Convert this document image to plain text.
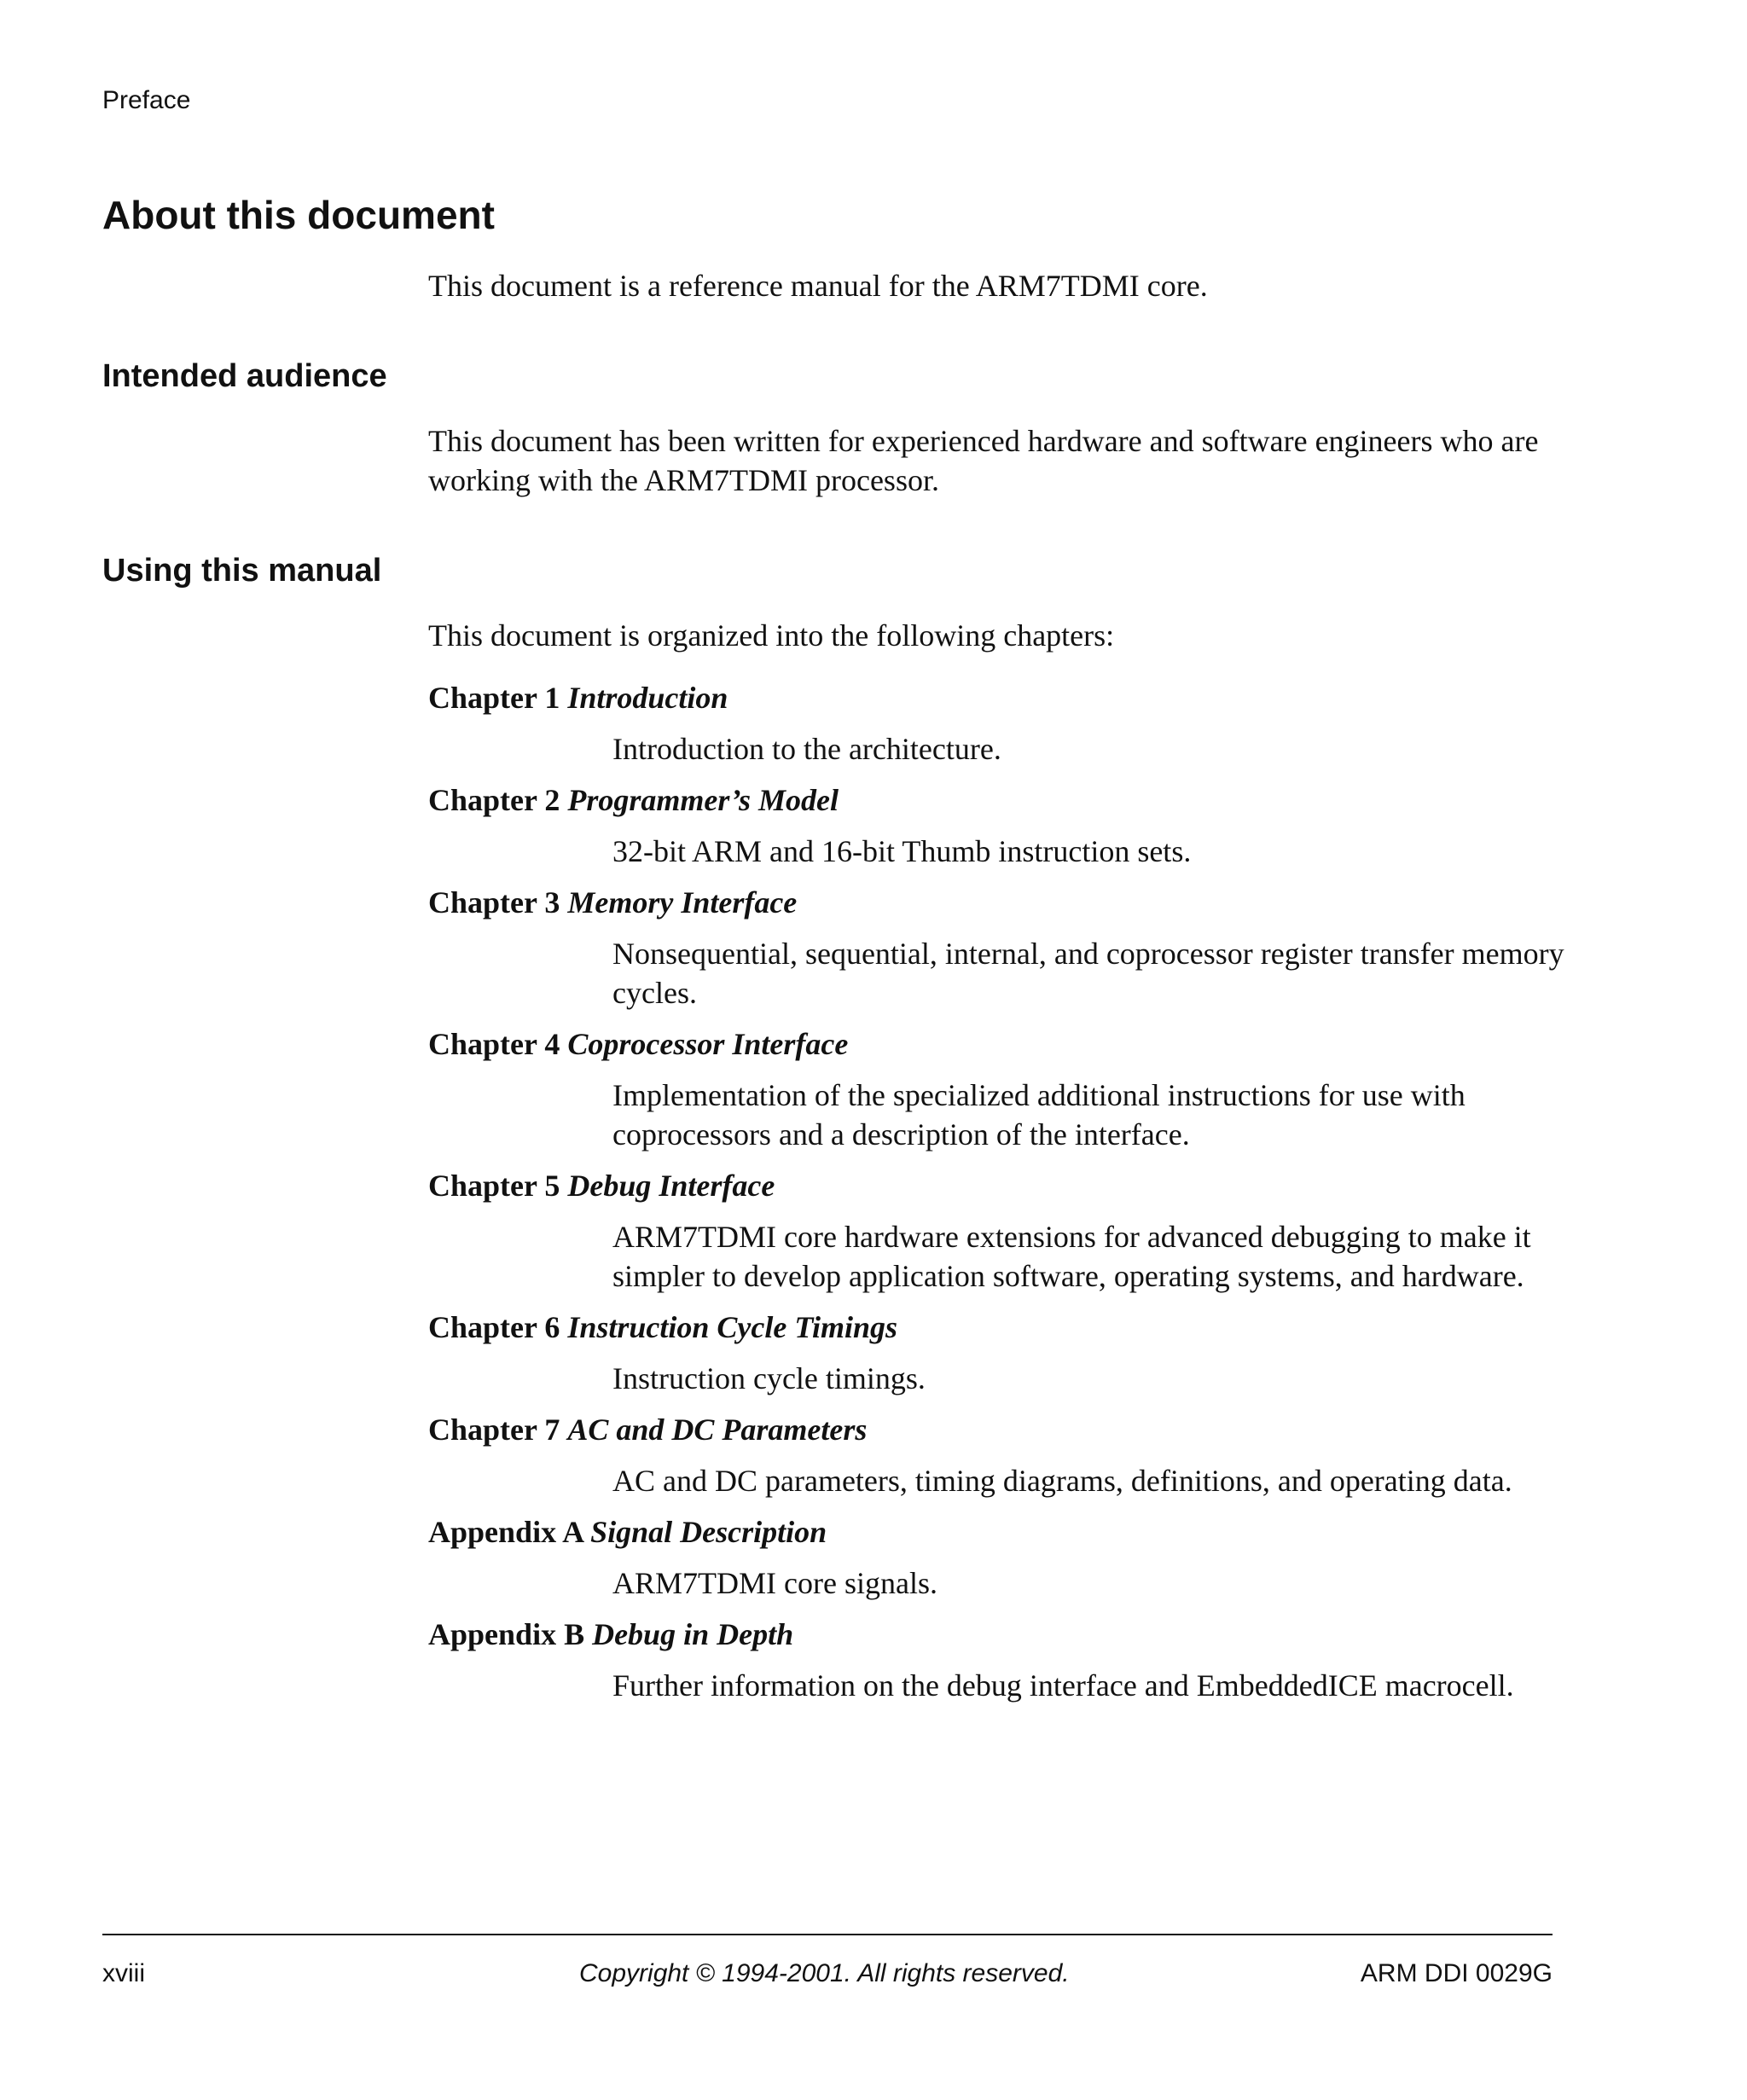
Preface
About this document

This document is a reference manual for the ARM7TDMI core.

Intended audience

This document has been written for experienced hardware and software engineers who are working with the ARM7TDMI processor.

Using this manual

This document is organized into the following chapters:

Chapter 1 Introduction

Introduction to the architecture.

Chapter 2 Programmer’s Model

32-bit ARM and 16-bit Thumb instruction sets.

Chapter 3 Memory Interface

Nonsequential, sequential, internal, and coprocessor register transfer memory cycles.

Chapter 4 Coprocessor Interface

Implementation of the specialized additional instructions for use with coprocessors and a description of the interface.

Chapter 5 Debug Interface

ARM7TDMI core hardware extensions for advanced debugging to make it simpler to develop application software, operating systems, and hardware.

Chapter 6 Instruction Cycle Timings

Instruction cycle timings.

Chapter 7 AC and DC Parameters

AC and DC parameters, timing diagrams, definitions, and operating data.

Appendix A Signal Description

ARM7TDMI core signals.

Appendix B Debug in Depth

Further information on the debug interface and EmbeddedICE macrocell.
xviii	Copyright © 1994-2001. All rights reserved.	ARM DDI 0029G
